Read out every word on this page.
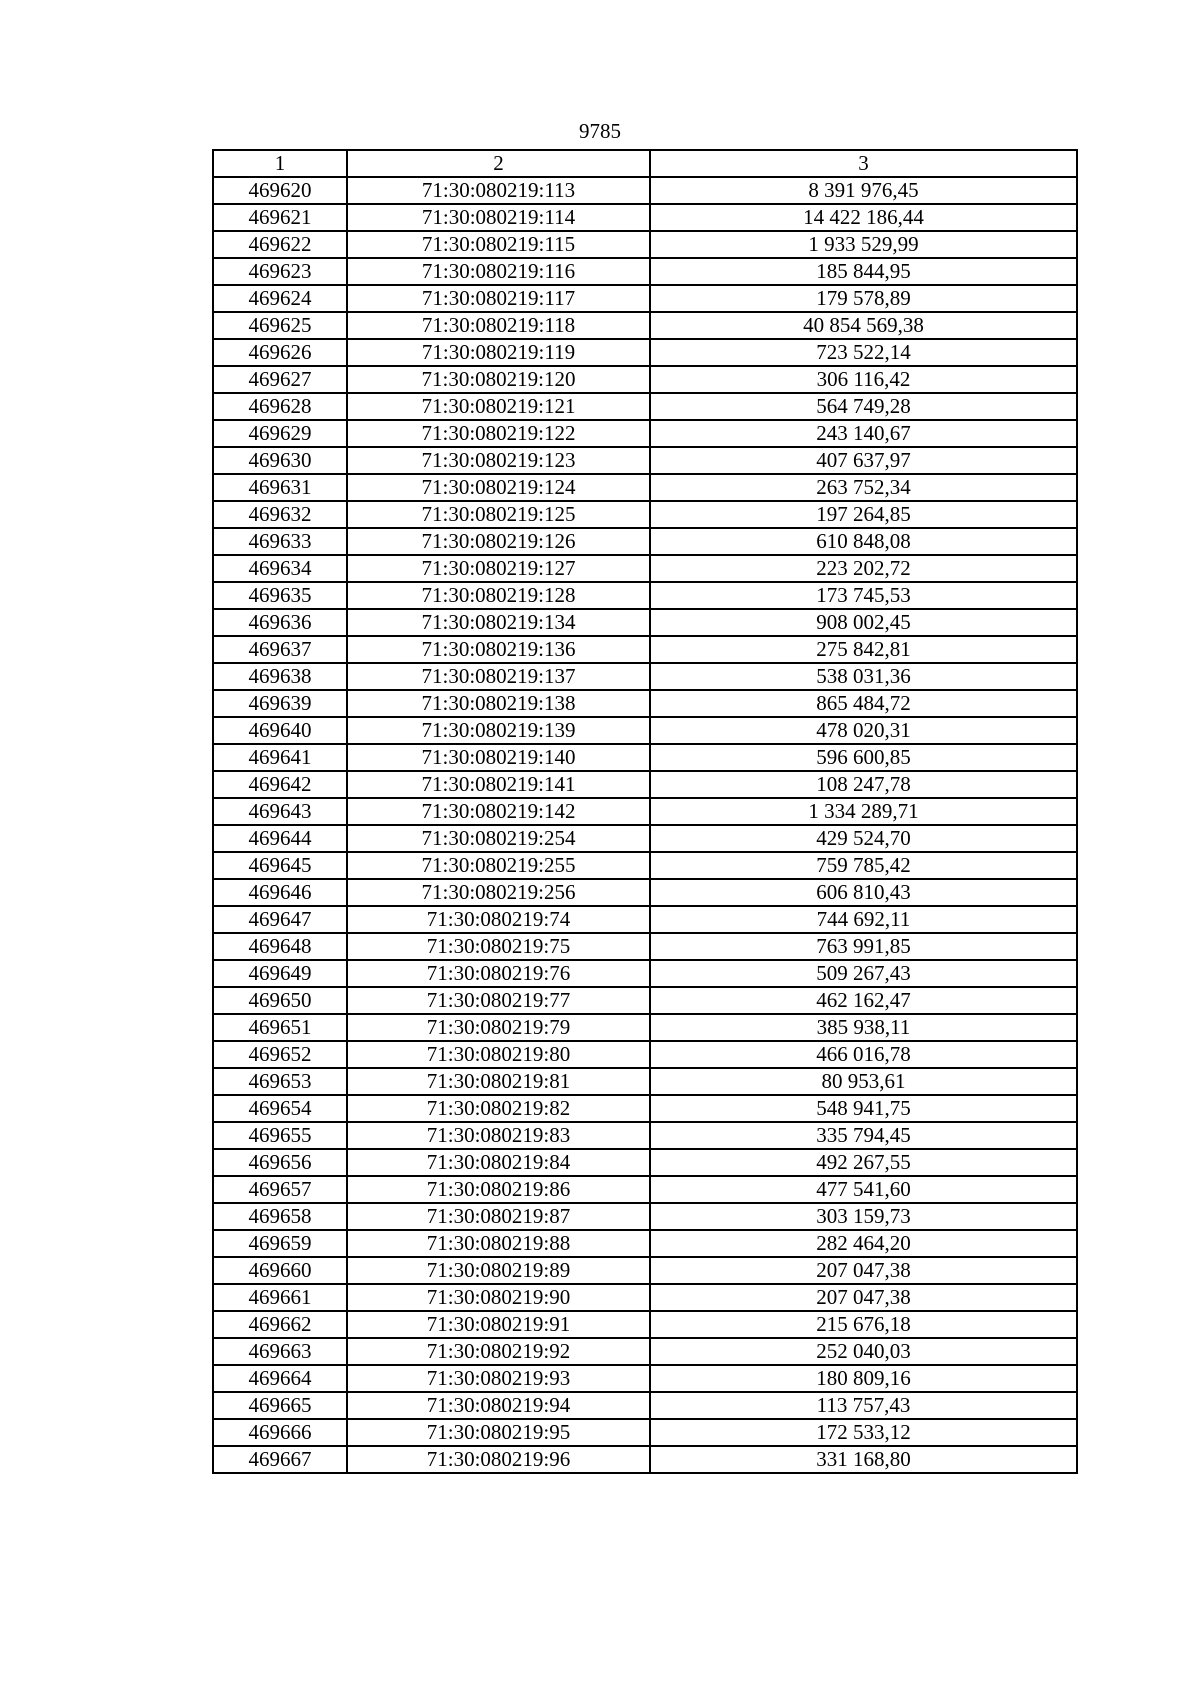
9785
1	2	3
469620	71:30:080219:113	8 391 976,45
469621	71:30:080219:114	14 422 186,44
469622	71:30:080219:115	1 933 529,99
469623	71:30:080219:116	185 844,95
469624	71:30:080219:117	179 578,89
469625	71:30:080219:118	40 854 569,38
469626	71:30:080219:119	723 522,14
469627	71:30:080219:120	306 116,42
469628	71:30:080219:121	564 749,28
469629	71:30:080219:122	243 140,67
469630	71:30:080219:123	407 637,97
469631	71:30:080219:124	263 752,34
469632	71:30:080219:125	197 264,85
469633	71:30:080219:126	610 848,08
469634	71:30:080219:127	223 202,72
469635	71:30:080219:128	173 745,53
469636	71:30:080219:134	908 002,45
469637	71:30:080219:136	275 842,81
469638	71:30:080219:137	538 031,36
469639	71:30:080219:138	865 484,72
469640	71:30:080219:139	478 020,31
469641	71:30:080219:140	596 600,85
469642	71:30:080219:141	108 247,78
469643	71:30:080219:142	1 334 289,71
469644	71:30:080219:254	429 524,70
469645	71:30:080219:255	759 785,42
469646	71:30:080219:256	606 810,43
469647	71:30:080219:74	744 692,11
469648	71:30:080219:75	763 991,85
469649	71:30:080219:76	509 267,43
469650	71:30:080219:77	462 162,47
469651	71:30:080219:79	385 938,11
469652	71:30:080219:80	466 016,78
469653	71:30:080219:81	80 953,61
469654	71:30:080219:82	548 941,75
469655	71:30:080219:83	335 794,45
469656	71:30:080219:84	492 267,55
469657	71:30:080219:86	477 541,60
469658	71:30:080219:87	303 159,73
469659	71:30:080219:88	282 464,20
469660	71:30:080219:89	207 047,38
469661	71:30:080219:90	207 047,38
469662	71:30:080219:91	215 676,18
469663	71:30:080219:92	252 040,03
469664	71:30:080219:93	180 809,16
469665	71:30:080219:94	113 757,43
469666	71:30:080219:95	172 533,12
469667	71:30:080219:96	331 168,80
